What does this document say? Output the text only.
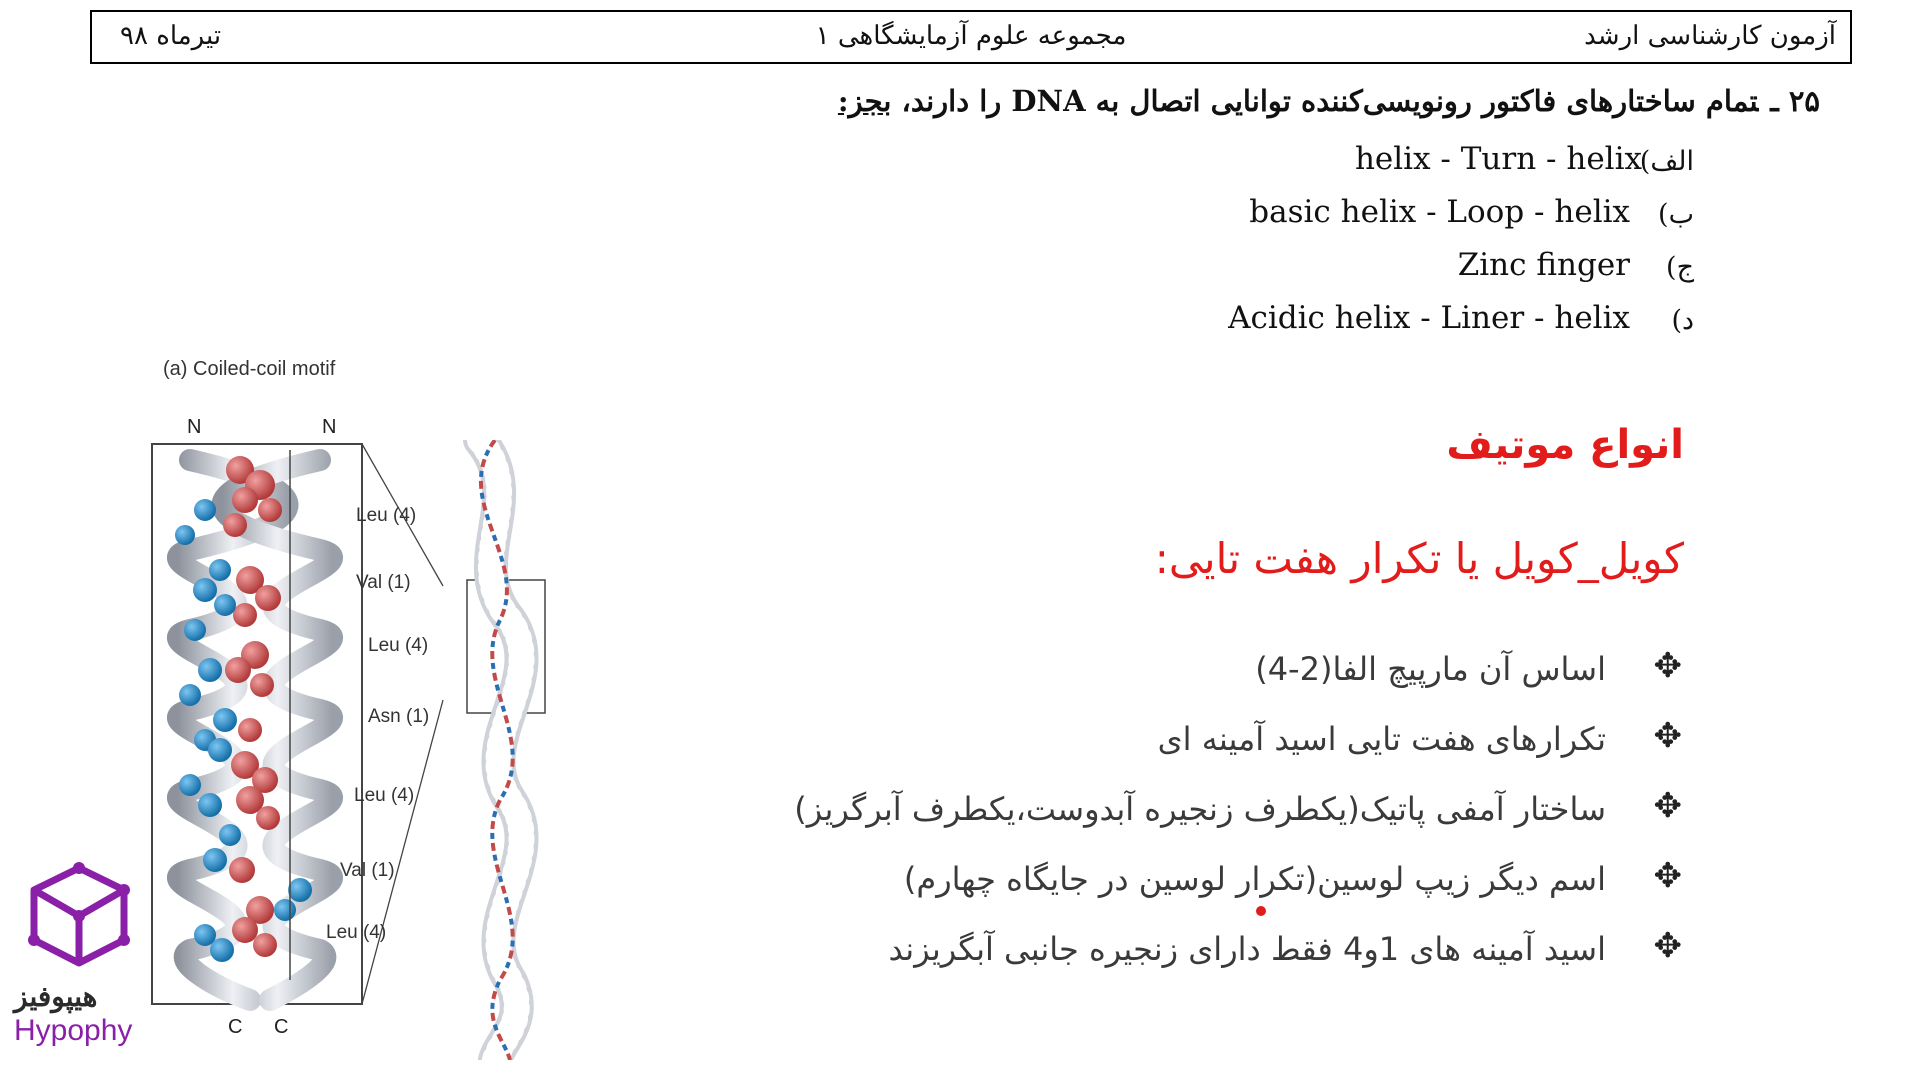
آزمون کارشناسی ارشد
مجموعه علوم آزمایشگاهی ۱
تیرماه ۹۸
۲۵ ـتمام ساختارهای فاکتور رونویسی‌کننده توانایی اتصال به DNA را دارند، بجز:
الف)
helix - Turn - helix
ب)
basic helix - Loop - helix
ج)
Zinc finger
د)
Acidic helix - Liner - helix
(a) Coiled-coil motif
N	N
C C
Leu (4)
Val (1)
Leu (4)
Asn (1)
Leu (4)
Val (1)
Leu (4)
انواع موتیف
کویل_کویل یا تکرار هفت تایی:
✥
اساس آن مارپیچ الفا(2-4)
✥
تکرارهای هفت تایی اسید آمینه ای
✥
ساختار آمفی پاتیک(یکطرف زنجیره آبدوست،یکطرف آبرگریز)
✥
اسم دیگر زیپ لوسین(تکرار لوسین در جایگاه چهارم)
✥
اسید آمینه های 1و4 فقط دارای زنجیره جانبی آبگریزند
هیپوفیز
Hypophy
